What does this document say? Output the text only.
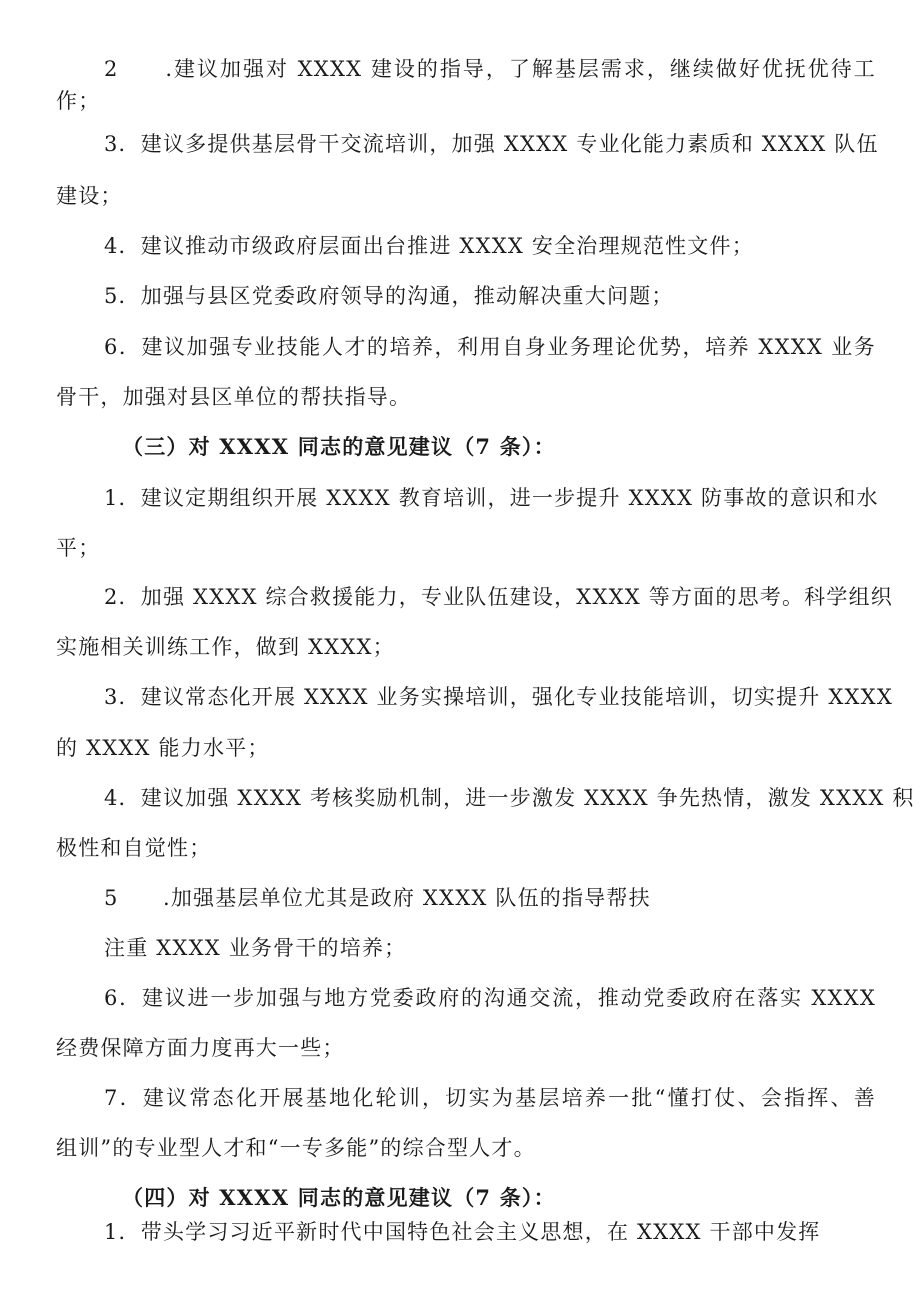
2　　.建议加强对 XXXX 建设的指导，了解基层需求，继续做好优抚优待工
作；
3．建议多提供基层骨干交流培训，加强 XXXX 专业化能力素质和 XXXX 队伍
建设；
4．建议推动市级政府层面出台推进 XXXX 安全治理规范性文件；
5．加强与县区党委政府领导的沟通，推动解决重大问题；
6．建议加强专业技能人才的培养，利用自身业务理论优势，培养 XXXX 业务
骨干，加强对县区单位的帮扶指导。
（三）对 XXXX 同志的意见建议（7 条）：
1．建议定期组织开展 XXXX 教育培训，进一步提升 XXXX 防事故的意识和水
平；
2．加强 XXXX 综合救援能力，专业队伍建设，XXXX 等方面的思考。科学组织
实施相关训练工作，做到 XXXX；
3．建议常态化开展 XXXX 业务实操培训，强化专业技能培训，切实提升 XXXX
的 XXXX 能力水平；
4．建议加强 XXXX 考核奖励机制，进一步激发 XXXX 争先热情，激发 XXXX 积
极性和自觉性；
5　　.加强基层单位尤其是政府 XXXX 队伍的指导帮扶
注重 XXXX 业务骨干的培养；
6．建议进一步加强与地方党委政府的沟通交流，推动党委政府在落实 XXXX
经费保障方面力度再大一些；
7．建议常态化开展基地化轮训，切实为基层培养一批“懂打仗、会指挥、善
组训”的专业型人才和“一专多能”的综合型人才。
（四）对 XXXX 同志的意见建议（7 条）：
1．带头学习习近平新时代中国特色社会主义思想，在 XXXX 干部中发挥
